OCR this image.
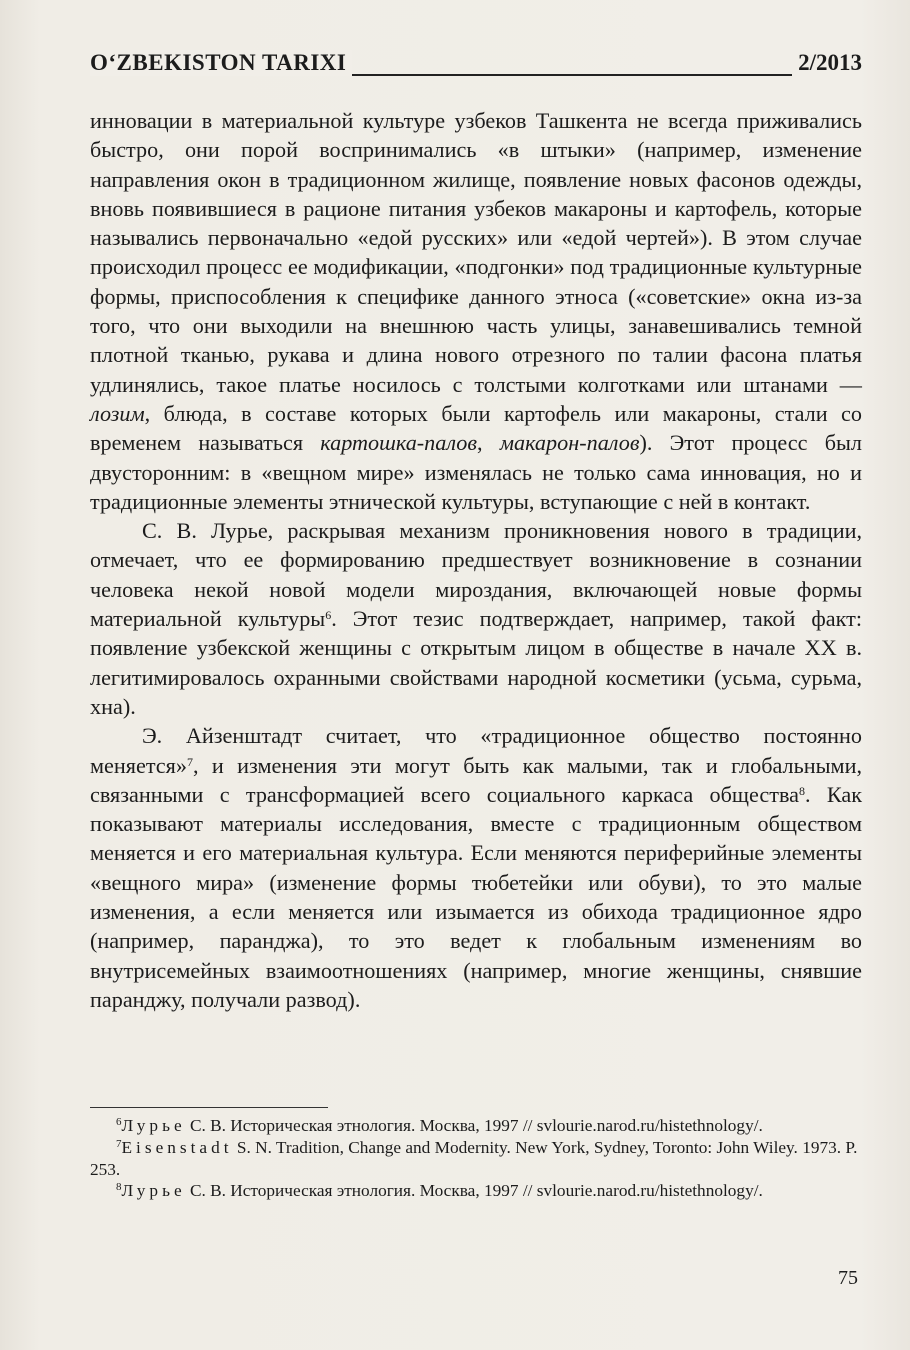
O‘ZBEKISTON TARIXI	2/2013

инновации в материальной культуре узбеков Ташкента не всегда приживались быстро, они порой воспринимались «в штыки» (например, изменение направления окон в традиционном жилище, появление новых фасонов одежды, вновь появившиеся в рационе питания узбеков макароны и картофель, которые назывались первоначально «едой русских» или «едой чертей»). В этом случае происходил процесс ее модификации, «подгонки» под традиционные культурные формы, приспособления к специфике данного этноса («советские» окна из-за того, что они выходили на внешнюю часть улицы, занавешивались темной плотной тканью, рукава и длина нового отрезного по талии фасона платья удлинялись, такое платье носилось с толстыми колготками или штанами — лозим, блюда, в составе которых были картофель или макароны, стали со временем называться картошка-палов, макарон-палов). Этот процесс был двусторонним: в «вещном мире» изменялась не только сама инновация, но и традиционные элементы этнической культуры, вступающие с ней в контакт.

С. В. Лурье, раскрывая механизм проникновения нового в традиции, отмечает, что ее формированию предшествует возникновение в сознании человека некой новой модели мироздания, включающей новые формы материальной культуры$^6$. Этот тезис подтверждает, например, такой факт: появление узбекской женщины с открытым лицом в обществе в начале XX в. легитимировалось охранными свойствами народной косметики (усьма, сурьма, хна).

Э. Айзенштадт считает, что «традиционное общество постоянно меняется»$^7$, и изменения эти могут быть как малыми, так и глобальными, связанными с трансформацией всего социального каркаса общества$^8$. Как показывают материалы исследования, вместе с традиционным обществом меняется и его материальная культура. Если меняются периферийные элементы «вещного мира» (изменение формы тюбетейки или обуви), то это малые изменения, а если меняется или изымается из обихода традиционное ядро (например, паранджа), то это ведет к глобальным изменениям во внутрисемейных взаимоотношениях (например, многие женщины, снявшие паранджу, получали развод).

$^6$Лурье С. В. Историческая этнология. Москва, 1997 // svlourie.narod.ru/histethnology/.

$^7$Eisenstadt S. N. Tradition, Change and Modernity. New York, Sydney, Toronto: John Wiley. 1973. P. 253.

$^8$Лурье С. В. Историческая этнология. Москва, 1997 // svlourie.narod.ru/histethnology/.

75
